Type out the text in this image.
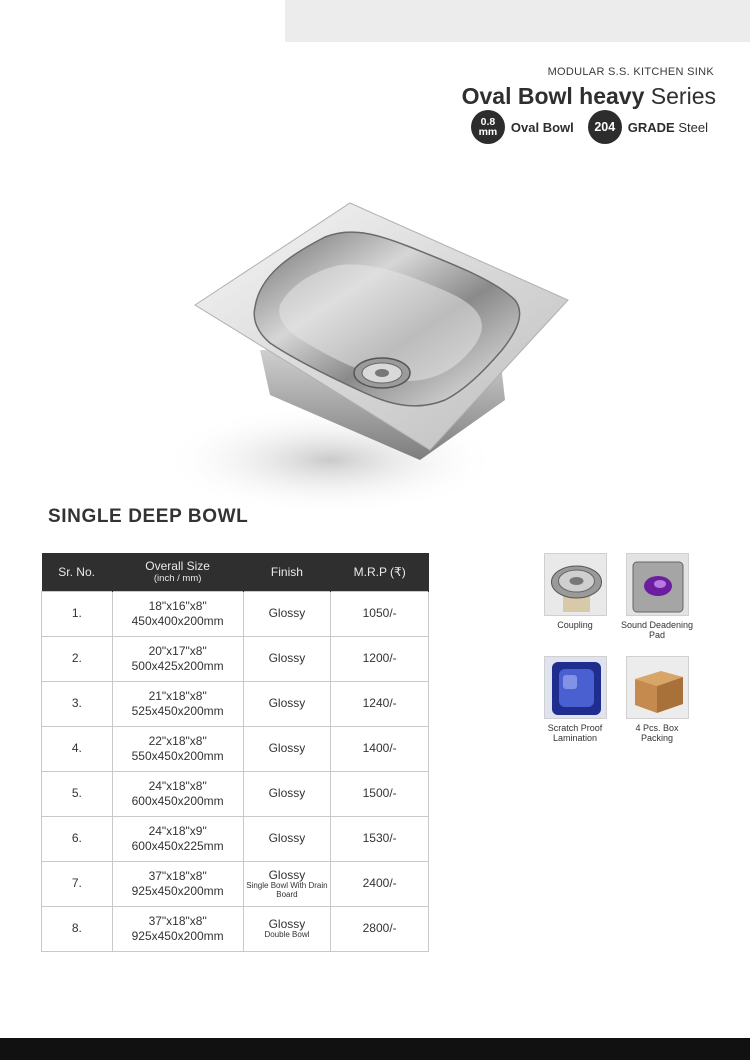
MODULAR S.S. KITCHEN SINK
Oval Bowl heavy Series
0.8
mm Oval Bowl	204 GRADE Steel
SINGLE DEEP BOWL
Sr. No.	Overall Size
(inch / mm)	Finish	M.R.P (₹)
1.	18"x16"x8"
450x400x200mm	Glossy	1050/-
2.	20"x17"x8"
500x425x200mm	Glossy	1200/-
3.	21"x18"x8"
525x450x200mm	Glossy	1240/-
4.	22"x18"x8"
550x450x200mm	Glossy	1400/-
5.	24"x18"x8"
600x450x200mm	Glossy	1500/-
6.	24"x18"x9"
600x450x225mm	Glossy	1530/-
7.	37"x18"x8"
925x450x200mm	Glossy
Single Bowl With Drain Board	2400/-
8.	37"x18"x8"
925x450x200mm	Glossy
Double Bowl	2800/-
Coupling	Sound Deadening Pad
Scratch Proof Lamination
4 Pcs. Box Packing
